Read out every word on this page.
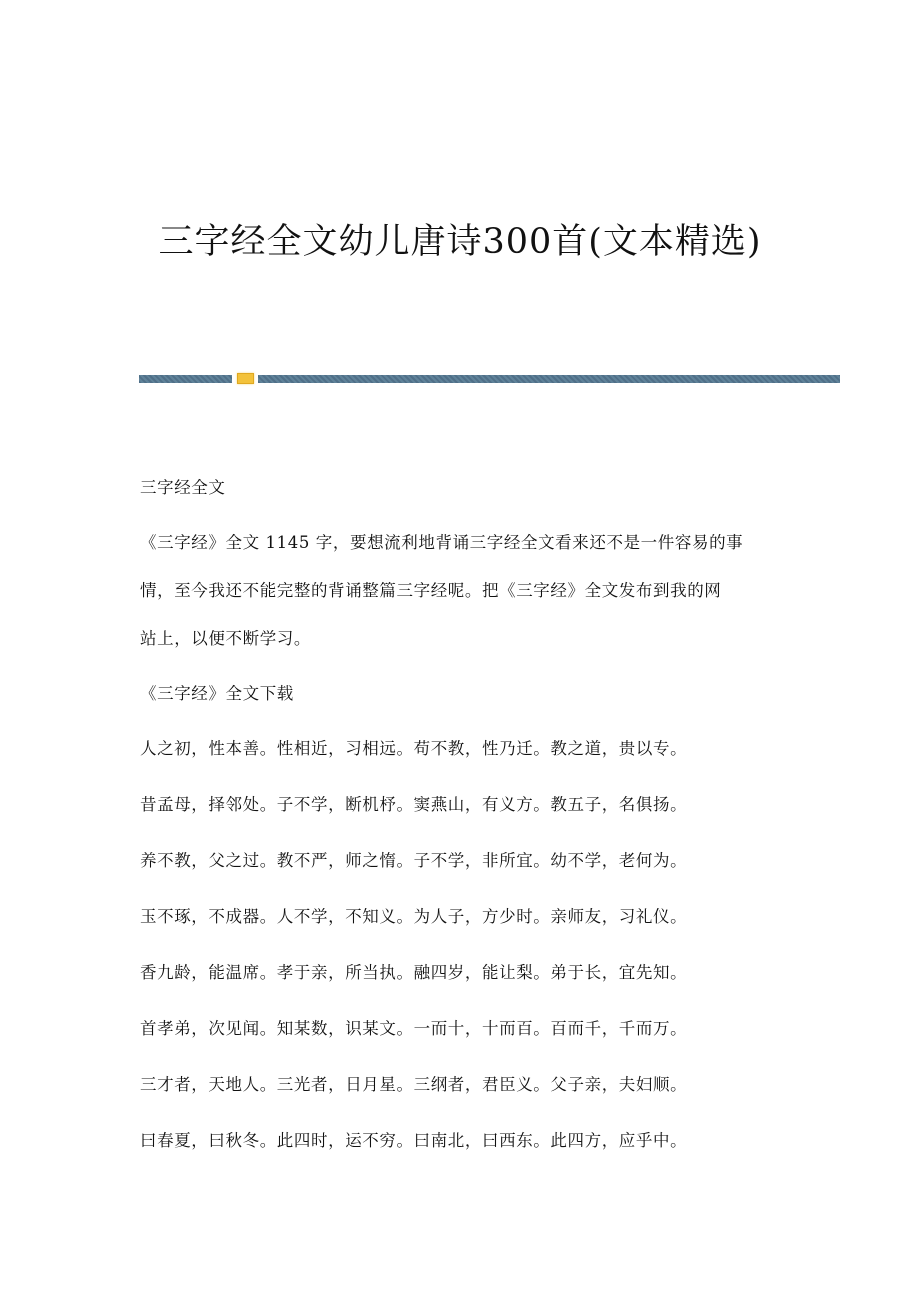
三字经全文幼儿唐诗300首(文本精选)
三字经全文
《三字经》全文 1145 字，要想流利地背诵三字经全文看来还不是一件容易的事
情，至今我还不能完整的背诵整篇三字经呢。把《三字经》全文发布到我的网
站上，以便不断学习。
《三字经》全文下载
人之初，性本善。性相近，习相远。苟不教，性乃迁。教之道，贵以专。
昔孟母，择邻处。子不学，断机杼。窦燕山，有义方。教五子，名俱扬。
养不教，父之过。教不严，师之惰。子不学，非所宜。幼不学，老何为。
玉不琢，不成器。人不学，不知义。为人子，方少时。亲师友，习礼仪。
香九龄，能温席。孝于亲，所当执。融四岁，能让梨。弟于长，宜先知。
首孝弟，次见闻。知某数，识某文。一而十，十而百。百而千，千而万。
三才者，天地人。三光者，日月星。三纲者，君臣义。父子亲，夫妇顺。
曰春夏，曰秋冬。此四时，运不穷。曰南北，曰西东。此四方，应乎中。
